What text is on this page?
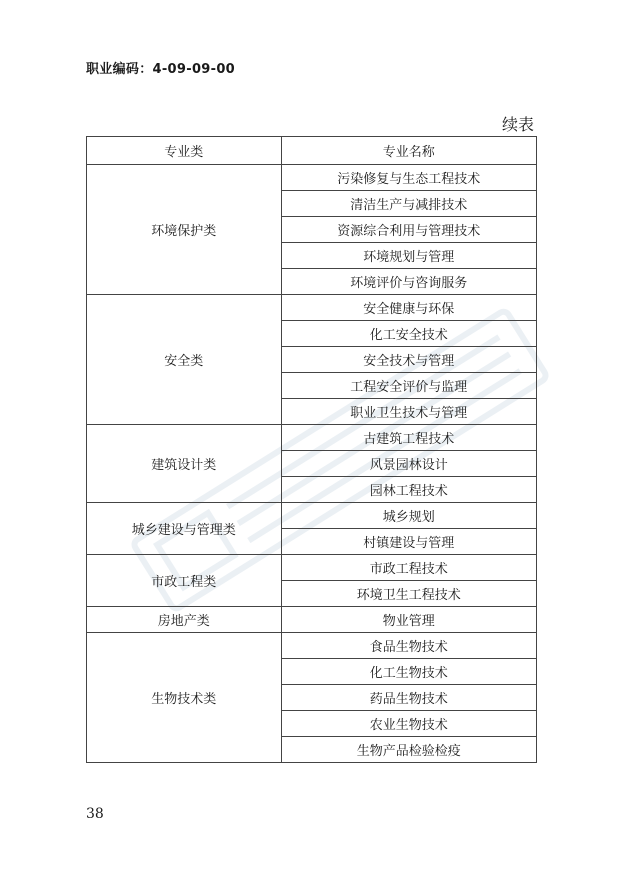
职业编码：4-09-09-00
续表
专业类	专业名称
环境保护类	污染修复与生态工程技术
	清洁生产与减排技术
	资源综合利用与管理技术
	环境规划与管理
	环境评价与咨询服务
安全类	安全健康与环保
	化工安全技术
	安全技术与管理
	工程安全评价与监理
	职业卫生技术与管理
建筑设计类	古建筑工程技术
	风景园林设计
	园林工程技术
城乡建设与管理类	城乡规划
	村镇建设与管理
市政工程类	市政工程技术
	环境卫生工程技术
房地产类	物业管理
生物技术类	食品生物技术
	化工生物技术
	药品生物技术
	农业生物技术
	生物产品检验检疫
38
